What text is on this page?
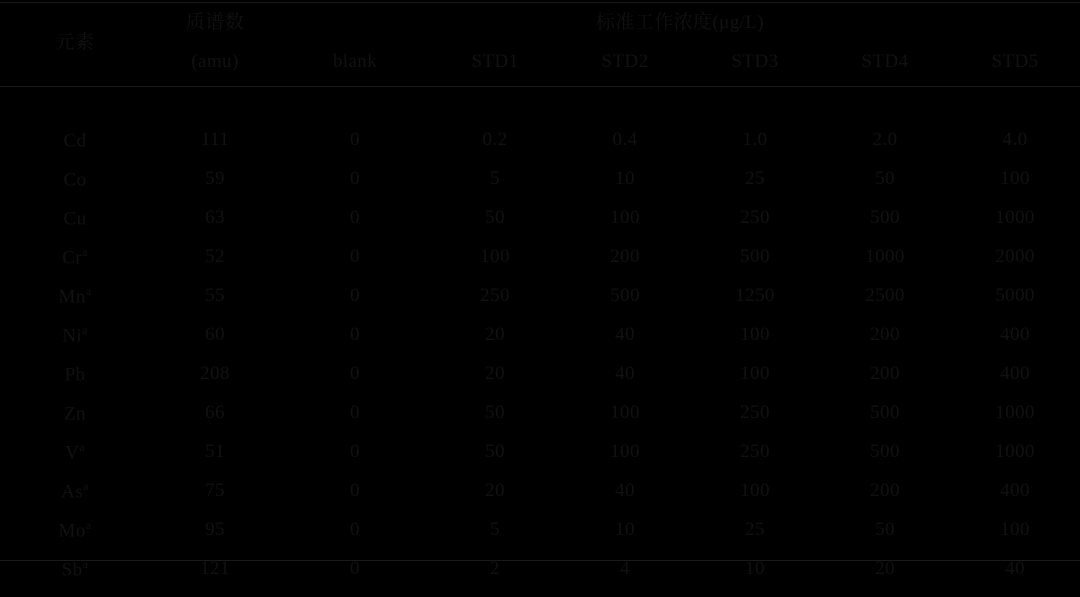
元素	质谱数	标准工作浓度(μg/L)					
	(amu)	blank	STD1	STD2	STD3	STD4	STD5

Cd	111	0	0.2	0.4	1.0	2.0	4.0
Co	59	0	5	10	25	50	100
Cu	63	0	50	100	250	500	1000
Cr$^a$	52	0	100	200	500	1000	2000
Mn$^a$	55	0	250	500	1250	2500	5000
Ni$^a$	60	0	20	40	100	200	400
Pb	208	0	20	40	100	200	400
Zn	66	0	50	100	250	500	1000
$V^a$	51	0	50	100	250	500	1000
As$^a$	75	0	20	40	100	200	400
Mo$^a$	95	0	5	10	25	50	100
Sb$^a$	121	0	2	4	10	20	40
